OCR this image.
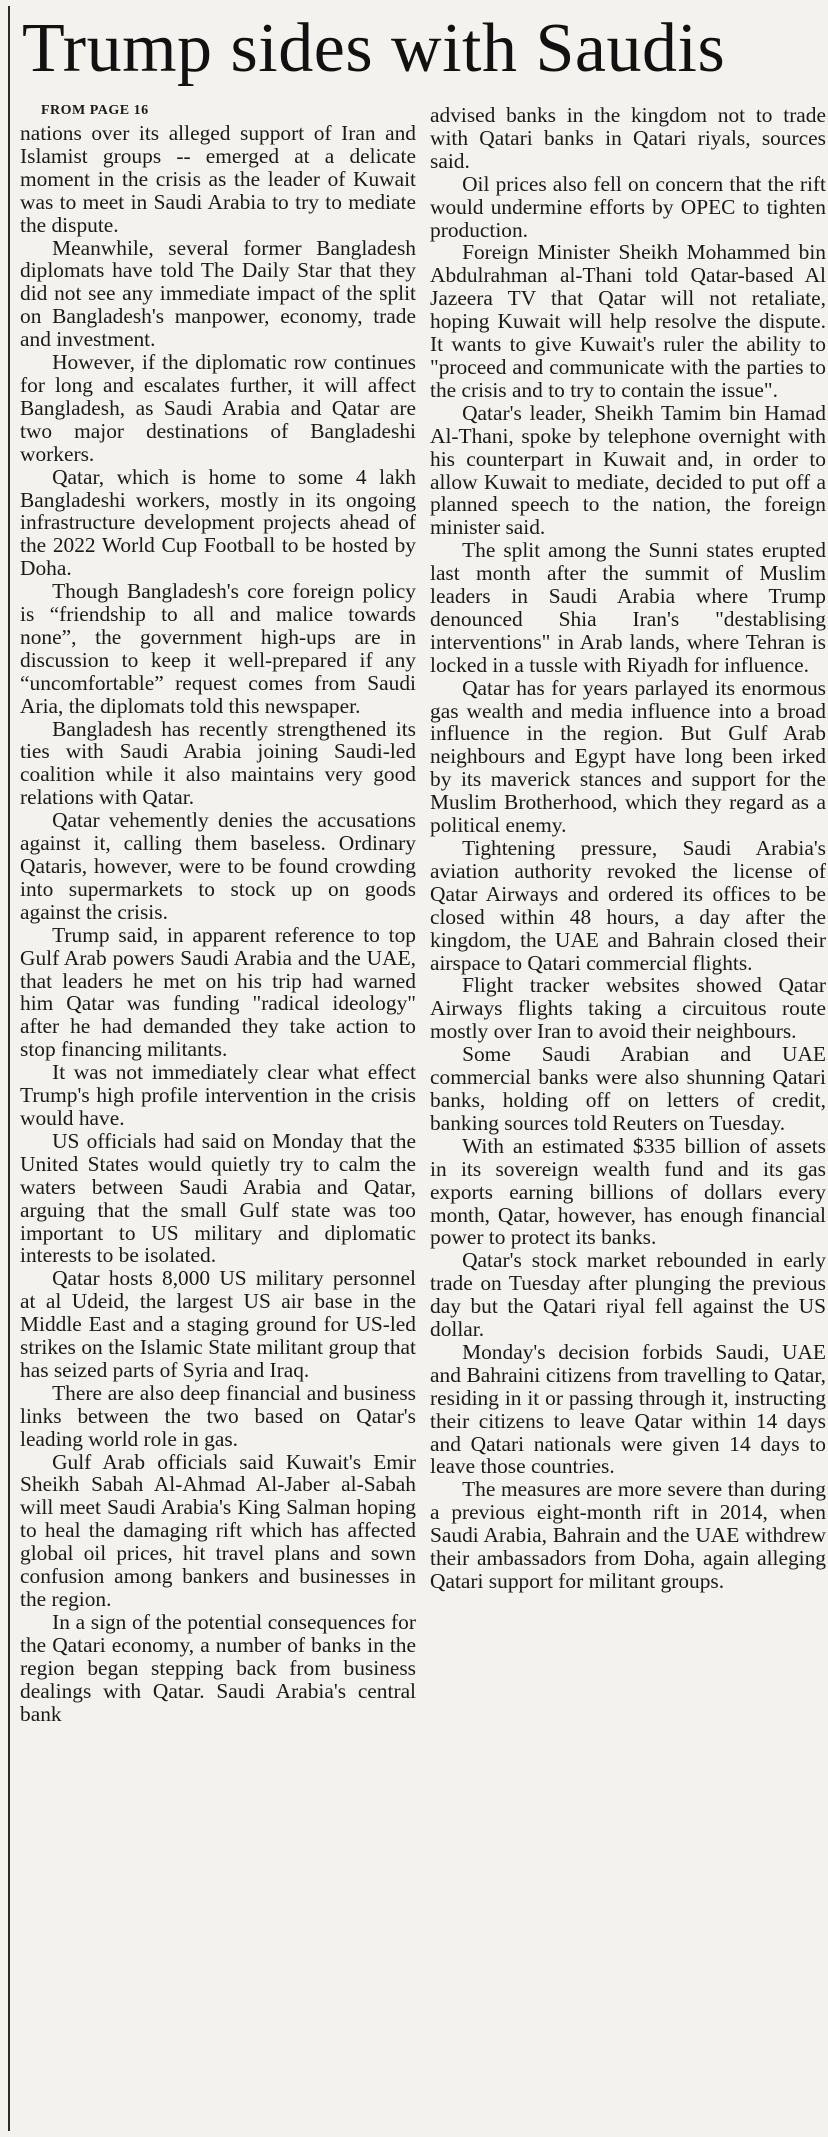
Trump sides with Saudis

FROM PAGE 16

nations over its alleged support of Iran and Islamist groups -- emerged at a delicate moment in the crisis as the leader of Kuwait was to meet in Saudi Arabia to try to mediate the dispute.

Meanwhile, several former Bangladesh diplomats have told The Daily Star that they did not see any immediate impact of the split on Bangladesh's manpower, economy, trade and investment.

However, if the diplomatic row continues for long and escalates further, it will affect Bangladesh, as Saudi Arabia and Qatar are two major destinations of Bangladeshi workers.

Qatar, which is home to some 4 lakh Bangladeshi workers, mostly in its ongoing infrastructure development projects ahead of the 2022 World Cup Football to be hosted by Doha.

Though Bangladesh's core foreign policy is “friendship to all and malice towards none”, the government high-ups are in discussion to keep it well-prepared if any “uncomfortable” request comes from Saudi Aria, the diplomats told this newspaper.

Bangladesh has recently strengthened its ties with Saudi Arabia joining Saudi-led coalition while it also maintains very good relations with Qatar.

Qatar vehemently denies the accusations against it, calling them baseless. Ordinary Qataris, however, were to be found crowding into supermarkets to stock up on goods against the crisis.

Trump said, in apparent reference to top Gulf Arab powers Saudi Arabia and the UAE, that leaders he met on his trip had warned him Qatar was funding "radical ideology" after he had demanded they take action to stop financing militants.

It was not immediately clear what effect Trump's high profile intervention in the crisis would have.

US officials had said on Monday that the United States would quietly try to calm the waters between Saudi Arabia and Qatar, arguing that the small Gulf state was too important to US military and diplomatic interests to be isolated.

Qatar hosts 8,000 US military personnel at al Udeid, the largest US air base in the Middle East and a staging ground for US-led strikes on the Islamic State militant group that has seized parts of Syria and Iraq.

There are also deep financial and business links between the two based on Qatar's leading world role in gas.

Gulf Arab officials said Kuwait's Emir Sheikh Sabah Al-Ahmad Al-Jaber al-Sabah will meet Saudi Arabia's King Salman hoping to heal the damaging rift which has affected global oil prices, hit travel plans and sown confusion among bankers and businesses in the region.

In a sign of the potential consequences for the Qatari economy, a number of banks in the region began stepping back from business dealings with Qatar. Saudi Arabia's central bank

advised banks in the kingdom not to trade with Qatari banks in Qatari riyals, sources said.

Oil prices also fell on concern that the rift would undermine efforts by OPEC to tighten production.

Foreign Minister Sheikh Mohammed bin Abdulrahman al-Thani told Qatar-based Al Jazeera TV that Qatar will not retaliate, hoping Kuwait will help resolve the dispute. It wants to give Kuwait's ruler the ability to "proceed and communicate with the parties to the crisis and to try to contain the issue".

Qatar's leader, Sheikh Tamim bin Hamad Al-Thani, spoke by telephone overnight with his counterpart in Kuwait and, in order to allow Kuwait to mediate, decided to put off a planned speech to the nation, the foreign minister said.

The split among the Sunni states erupted last month after the summit of Muslim leaders in Saudi Arabia where Trump denounced Shia Iran's "destablising interventions" in Arab lands, where Tehran is locked in a tussle with Riyadh for influence.

Qatar has for years parlayed its enormous gas wealth and media influence into a broad influence in the region. But Gulf Arab neighbours and Egypt have long been irked by its maverick stances and support for the Muslim Brotherhood, which they regard as a political enemy.

Tightening pressure, Saudi Arabia's aviation authority revoked the license of Qatar Airways and ordered its offices to be closed within 48 hours, a day after the kingdom, the UAE and Bahrain closed their airspace to Qatari commercial flights.

Flight tracker websites showed Qatar Airways flights taking a circuitous route mostly over Iran to avoid their neighbours.

Some Saudi Arabian and UAE commercial banks were also shunning Qatari banks, holding off on letters of credit, banking sources told Reuters on Tuesday.

With an estimated $335 billion of assets in its sovereign wealth fund and its gas exports earning billions of dollars every month, Qatar, however, has enough financial power to protect its banks.

Qatar's stock market rebounded in early trade on Tuesday after plunging the previous day but the Qatari riyal fell against the US dollar.

Monday's decision forbids Saudi, UAE and Bahraini citizens from travelling to Qatar, residing in it or passing through it, instructing their citizens to leave Qatar within 14 days and Qatari nationals were given 14 days to leave those countries.

The measures are more severe than during a previous eight-month rift in 2014, when Saudi Arabia, Bahrain and the UAE withdrew their ambassadors from Doha, again alleging Qatari support for militant groups.
